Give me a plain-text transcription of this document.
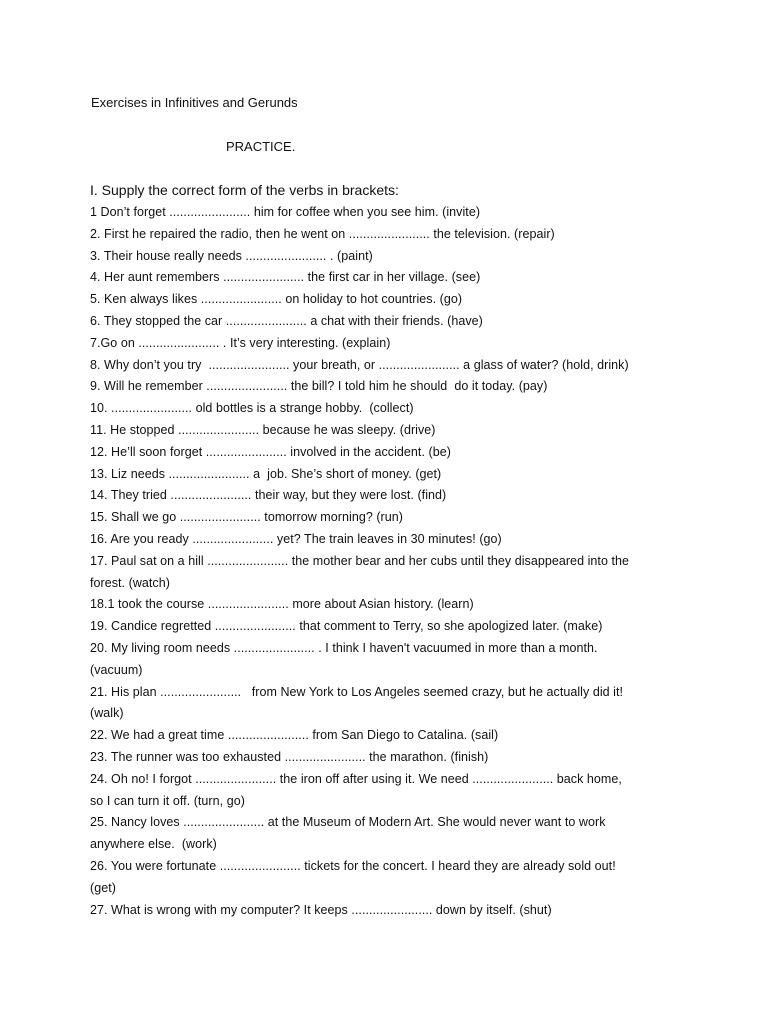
Exercises in Infinitives and Gerunds
PRACTICE.
I. Supply the correct form of the verbs in brackets:
1 Don’t forget ....................... him for coffee when you see him. (invite)
2. First he repaired the radio, then he went on ....................... the television. (repair)
3. Their house really needs ....................... . (paint)
4. Her aunt remembers ....................... the first car in her village. (see)
5. Ken always likes ....................... on holiday to hot countries. (go)
6. They stopped the car ....................... a chat with their friends. (have)
7.Go on ....................... . It’s very interesting. (explain)
8. Why don’t you try  ....................... your breath, or ....................... a glass of water? (hold, drink)
9. Will he remember ....................... the bill? I told him he should  do it today. (pay)
10. ....................... old bottles is a strange hobby.  (collect)
11. He stopped ....................... because he was sleepy. (drive)
12. He’ll soon forget ....................... involved in the accident. (be)
13. Liz needs ....................... a  job. She’s short of money. (get)
14. They tried ....................... their way, but they were lost. (find)
15. Shall we go ....................... tomorrow morning? (run)
16. Are you ready ....................... yet? The train leaves in 30 minutes! (go)
17. Paul sat on a hill ....................... the mother bear and her cubs until they disappeared into the
forest. (watch)
18.1 took the course ....................... more about Asian history. (learn)
19. Candice regretted ....................... that comment to Terry, so she apologized later. (make)
20. My living room needs ....................... . I think I haven't vacuumed in more than a month.
(vacuum)
21. His plan .......................   from New York to Los Angeles seemed crazy, but he actually did it!
(walk)
22. We had a great time ....................... from San Diego to Catalina. (sail)
23. The runner was too exhausted ....................... the marathon. (finish)
24. Oh no! I forgot ....................... the iron off after using it. We need ....................... back home,
so I can turn it off. (turn, go)
25. Nancy loves ....................... at the Museum of Modern Art. She would never want to work
anywhere else.  (work)
26. You were fortunate ....................... tickets for the concert. I heard they are already sold out!
(get)
27. What is wrong with my computer? It keeps ....................... down by itself. (shut)
